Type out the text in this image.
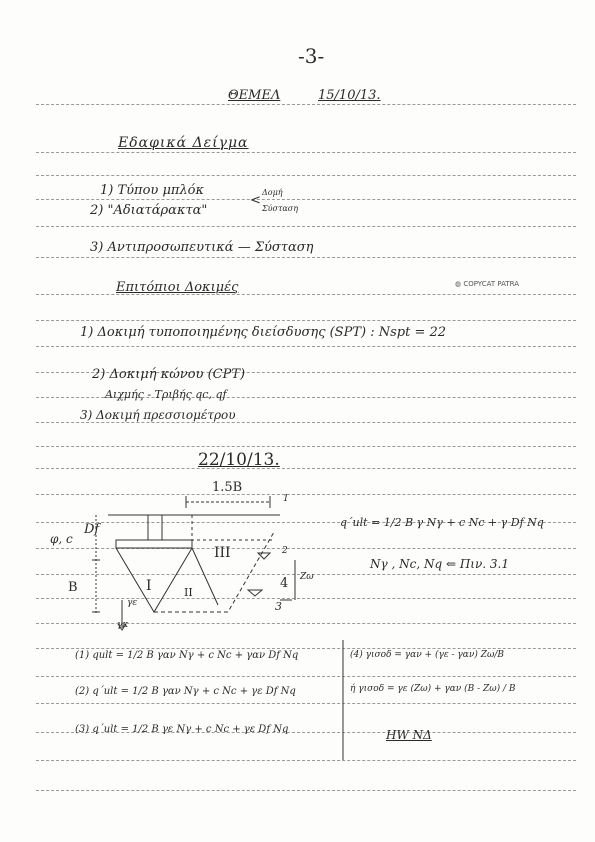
-3-
ΘΕΜΕΛ	15/10/13.
Εδαφικά Δείγμα
1) Τύπου μπλόκ
2) "Αδιατάρακτα"
<
Δομή
Σύσταση
3) Αντιπροσωπευτικά — Σύσταση
◍ COPYCAT PATRA
Επιτόπιοι Δοκιμές
1) Δοκιμή τυποποιημένης διείσδυσης (SPT) : Nspt = 22
2) Δοκιμή κώνου (CPT)
Αιχμής - Τριβής qc, qf
3) Δοκιμή πρεσσιομέτρου
22/10/13.
1.5B
φ, c
Df
B	I	II
III
1
2
4
3
Zω
γε
γκ
q΄ult = 1/2 B γ Nγ + c Nc + γ Df Nq
Nγ , Nc, Nq ⇐ Πιν. 3.1
(1) qult = 1/2 B γαν Nγ + c Nc + γαν Df Nq
(2) q΄ult = 1/2 B γαν Nγ + c Nc + γε Df Nq
(3) q΄ult = 1/2 B γε Nγ + c Nc + γε Df Nq
(4) γισοδ = γαν + (γε - γαν) Zω/B
ή γισοδ = γε (Zω) + γαν (B - Zω) / B
HW NΔ
